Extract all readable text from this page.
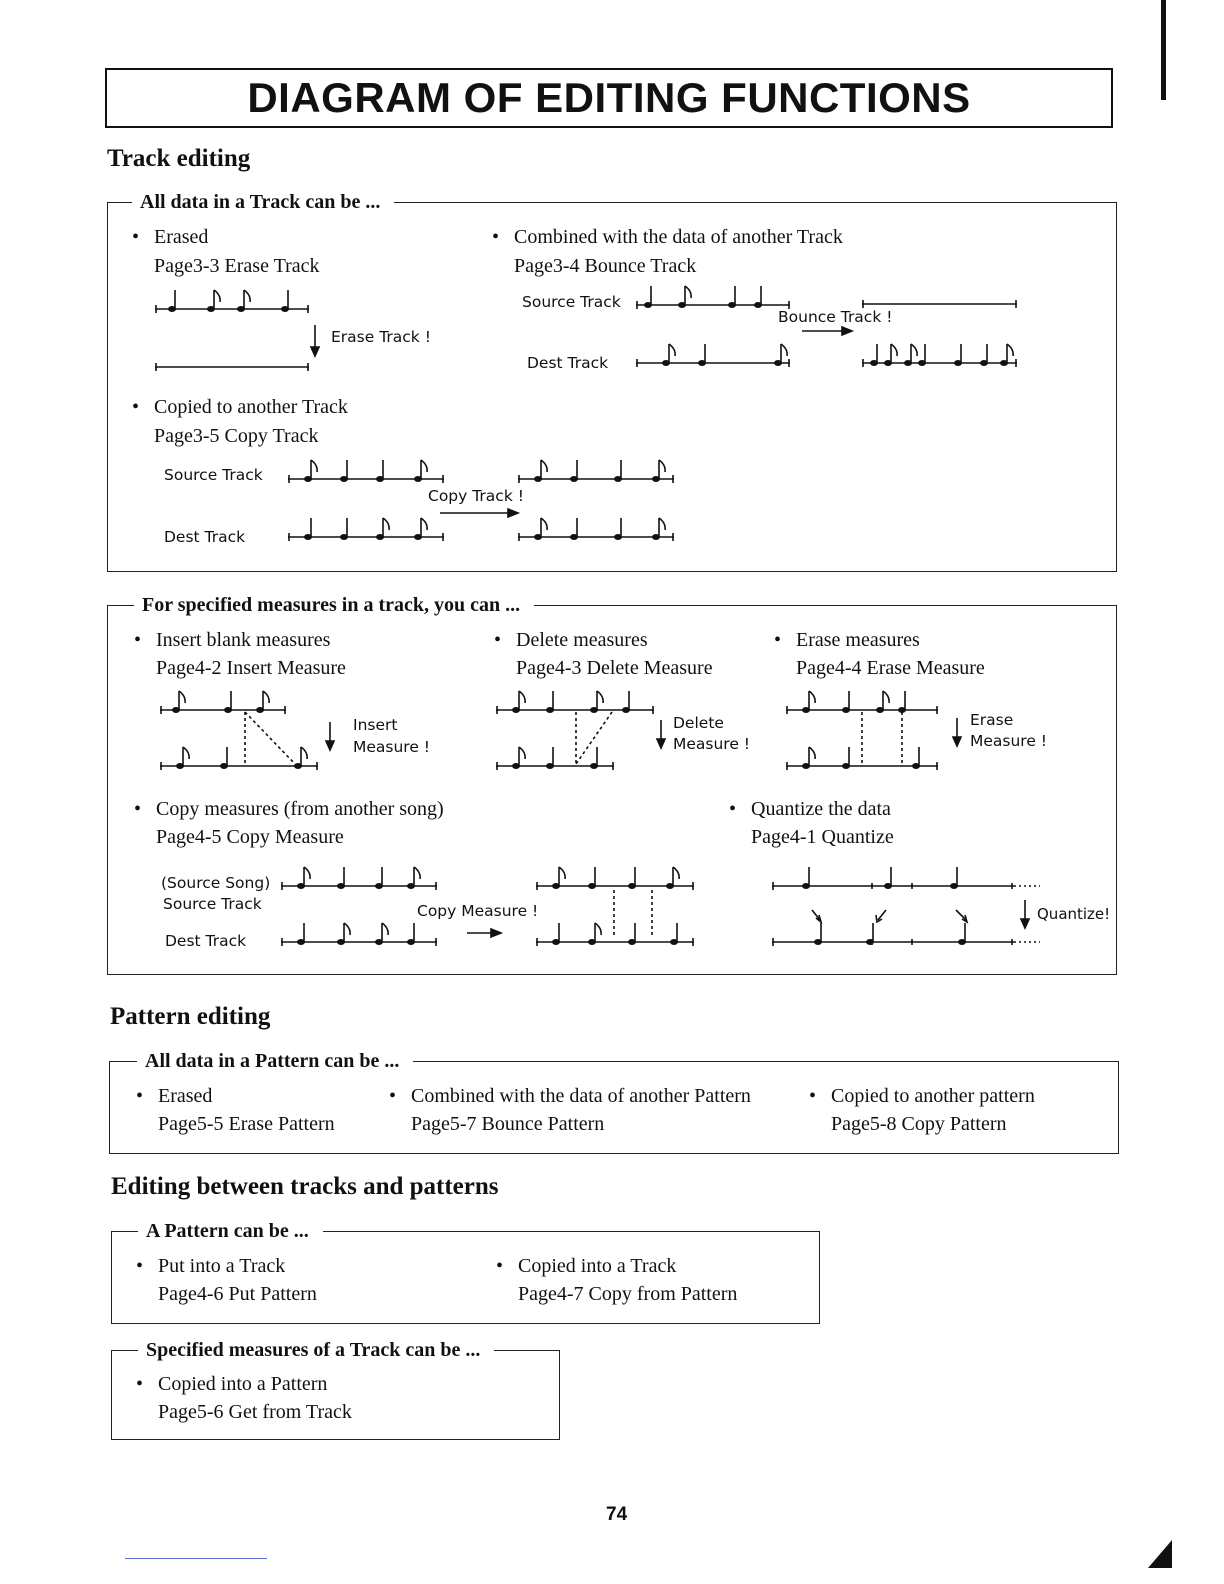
DIAGRAM OF EDITING FUNCTIONS
Track editing
All data in a Track can be ...
• Erased
Page3-3 Erase Track
Erase Track !
• Combined with the data of another Track
Page3-4 Bounce Track
Source Track
Bounce Track !
Dest Track
• Copied to another Track
Page3-5 Copy Track
Source Track
Copy Track !
Dest Track
For specified measures in a track, you can ...
• Insert blank measures
Page4-2 Insert Measure
Insert
Measure !
• Delete measures
Page4-3 Delete Measure
Delete
Measure !
• Erase measures
Page4-4 Erase Measure
Erase
Measure !
• Copy measures (from another song)
Page4-5 Copy Measure
(Source Song)
Source Track
Dest Track
Copy Measure !
• Quantize the data
Page4-1 Quantize
Quantize!
Pattern editing
All data in a Pattern can be ...
• Erased
Page5-5 Erase Pattern
• Combined with the data of another Pattern
Page5-7 Bounce Pattern
• Copied to another pattern
Page5-8 Copy Pattern
Editing between tracks and patterns
A Pattern can be ...
• Put into a Track
Page4-6 Put Pattern
• Copied into a Track
Page4-7 Copy from Pattern
Specified measures of a Track can be ...
• Copied into a Pattern
Page5-6 Get from Track
74
